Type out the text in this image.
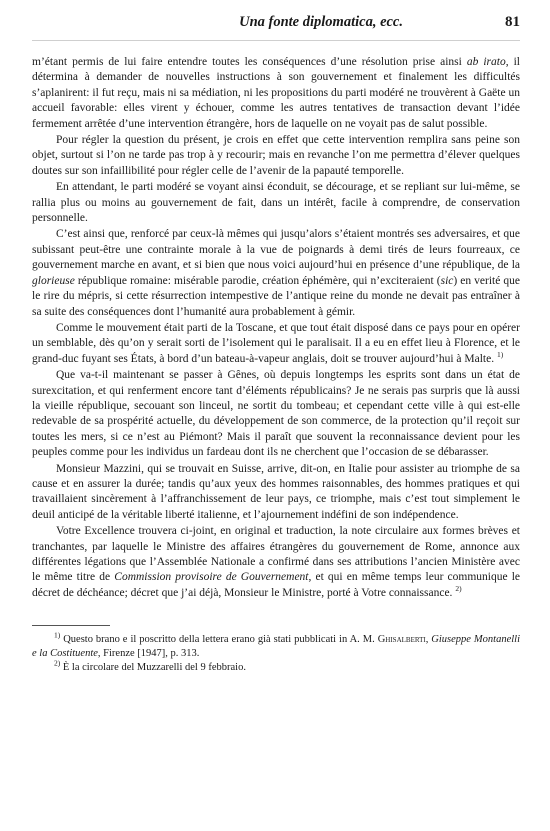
Una fonte diplomatica, ecc.	81

m’étant permis de lui faire entendre toutes les conséquences d’une résolution prise ainsi ab irato, il détermina à demander de nouvelles instructions à son gouvernement et finalement les difficultés s’aplanirent: il fut reçu, mais ni sa médiation, ni les propositions du parti modéré ne trouvèrent à Gaëte un accueil favorable: elles virent y échouer, comme les autres tentatives de transaction devant l’idée fermement arrêtée d’une intervention étrangère, hors de laquelle on ne voyait pas de salut possible.

Pour régler la question du présent, je crois en effet que cette intervention remplira sans peine son objet, surtout si l’on ne tarde pas trop à y recourir; mais en revanche l’on me permettra d’élever quelques doutes sur son infaillibilité pour régler celle de l’avenir de la papauté temporelle.

En attendant, le parti modéré se voyant ainsi éconduit, se décourage, et se repliant sur lui-même, se ralliа plus ou moins au gouvernement de fait, dans un intérêt, facile à comprendre, de conservation personnelle.

C’est ainsi que, renforcé par ceux-là mêmes qui jusqu’alors s’étaient montrés ses adversaires, et que subissant peut-être une contrainte morale à la vue de poignards à demi tirés de leurs fourreaux, ce gouvernement marche en avant, et si bien que nous voici aujourd’hui en présence d’une république, de la glorieuse république romaine: misérable parodie, création éphémère, qui n’exciteraient (sic) en verité que le rire du mépris, si cette résurrection intempestive de l’antique reine du monde ne devait pas entraîner à sa suite des conséquences dont l’humanité aura probablement à gémir.

Comme le mouvement était parti de la Toscane, et que tout était disposé dans ce pays pour en opérer un semblable, dès qu’on y serait sorti de l’isolement qui le paralisait. Il a eu en effet lieu à Florence, et le grand-duc fuyant ses États, à bord d’un bateau-à-vapeur anglais, doit se trouver aujourd’hui à Malte. $^{1)}$

Que va-t-il maintenant se passer à Gênes, où depuis longtemps les esprits sont dans un état de surexcitation, et qui renferment encore tant d’éléments républicains? Je ne serais pas surpris que là aussi la vieille république, secouant son linceul, ne sortit du tombeau; et cependant cette ville à qui est-elle redevable de sa prospérité actuelle, du développement de son commerce, de la protection qu’il reçoit sur toutes les mers, si ce n’est au Piémont? Mais il paraît que souvent la reconnaissance devient pour les peuples comme pour les individus un fardeau dont ils ne cherchent que l’occasion de se débarasser.

Monsieur Mazzini, qui se trouvait en Suisse, arrive, dit-on, en Italie pour assister au triomphe de sa cause et en assurer la durée; tandis qu’aux yeux des hommes raisonnables, des hommes pratiques et qui travaillaient sincèrement à l’affranchissement de leur pays, ce triomphe, mais c’est tout simplement le deuil anticipé de la véritable liberté italienne, et l’ajournement indéfini de son indépendence.

Votre Excellence trouvera ci-joint, en original et traduction, la note circulaire aux formes brèves et tranchantes, par laquelle le Ministre des affaires étrangères du gouvernement de Rome, annonce aux différentes légations que l’Assemblée Nationale a confirmé dans ses attributions l’ancien Ministère avec le même titre de Commission provisoire de Gouvernement, et qui en même temps leur communique le décret de déchéance; décret que j’ai déjà, Monsieur le Ministre, porté à Votre connaissance. $^{2)}$

$^{1)}$ Questo brano e il poscritto della lettera erano già stati pubblicati in A. M. Ghisalberti, Giuseppe Montanelli e la Costituente, Firenze [1947], p. 313.

$^{2)}$ È la circolare del Muzzarelli del 9 febbraio.
